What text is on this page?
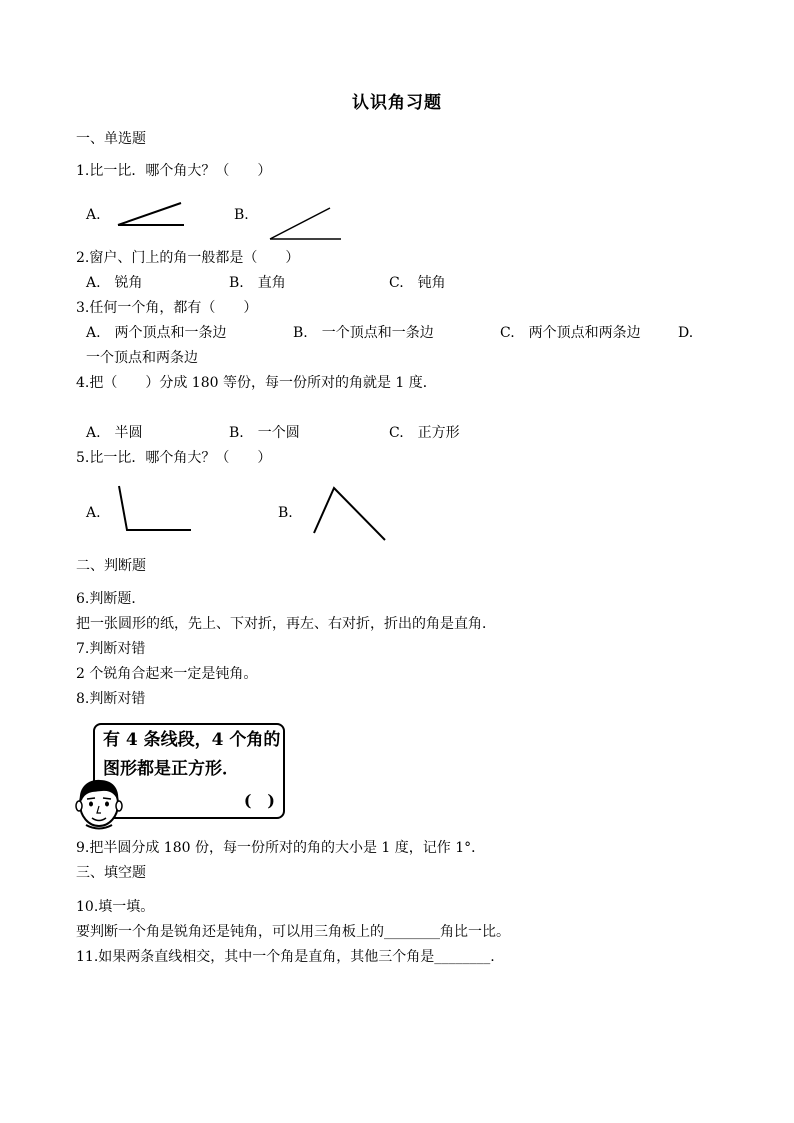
认识角习题
一、单选题
1.比一比．哪个角大？（　　）
A.	B.
2.窗户、门上的角一般都是（　　）
A.　锐角	B.　直角	C.　钝角
3.任何一个角，都有（　　）
A.　两个顶点和一条边	B.　一个顶点和一条边	C.　两个顶点和两条边	D.
一个顶点和两条边
4.把（　　）分成 180 等份，每一份所对的角就是 1 度．
A.　半圆	B.　一个圆	C.　正方形
5.比一比．哪个角大？（　　）
A.	B.
二、判断题
6.判断题．
把一张圆形的纸，先上、下对折，再左、右对折，折出的角是直角．
7.判断对错
2 个锐角合起来一定是钝角。
8.判断对错
有 4 条线段，4 个角的
图形都是正方形．
(　)
9.把半圆分成 180 份，每一份所对的角的大小是 1 度，记作 1°．
三、填空题
10.填一填。
要判断一个角是锐角还是钝角，可以用三角板上的________角比一比。
11.如果两条直线相交，其中一个角是直角，其他三个角是________.
